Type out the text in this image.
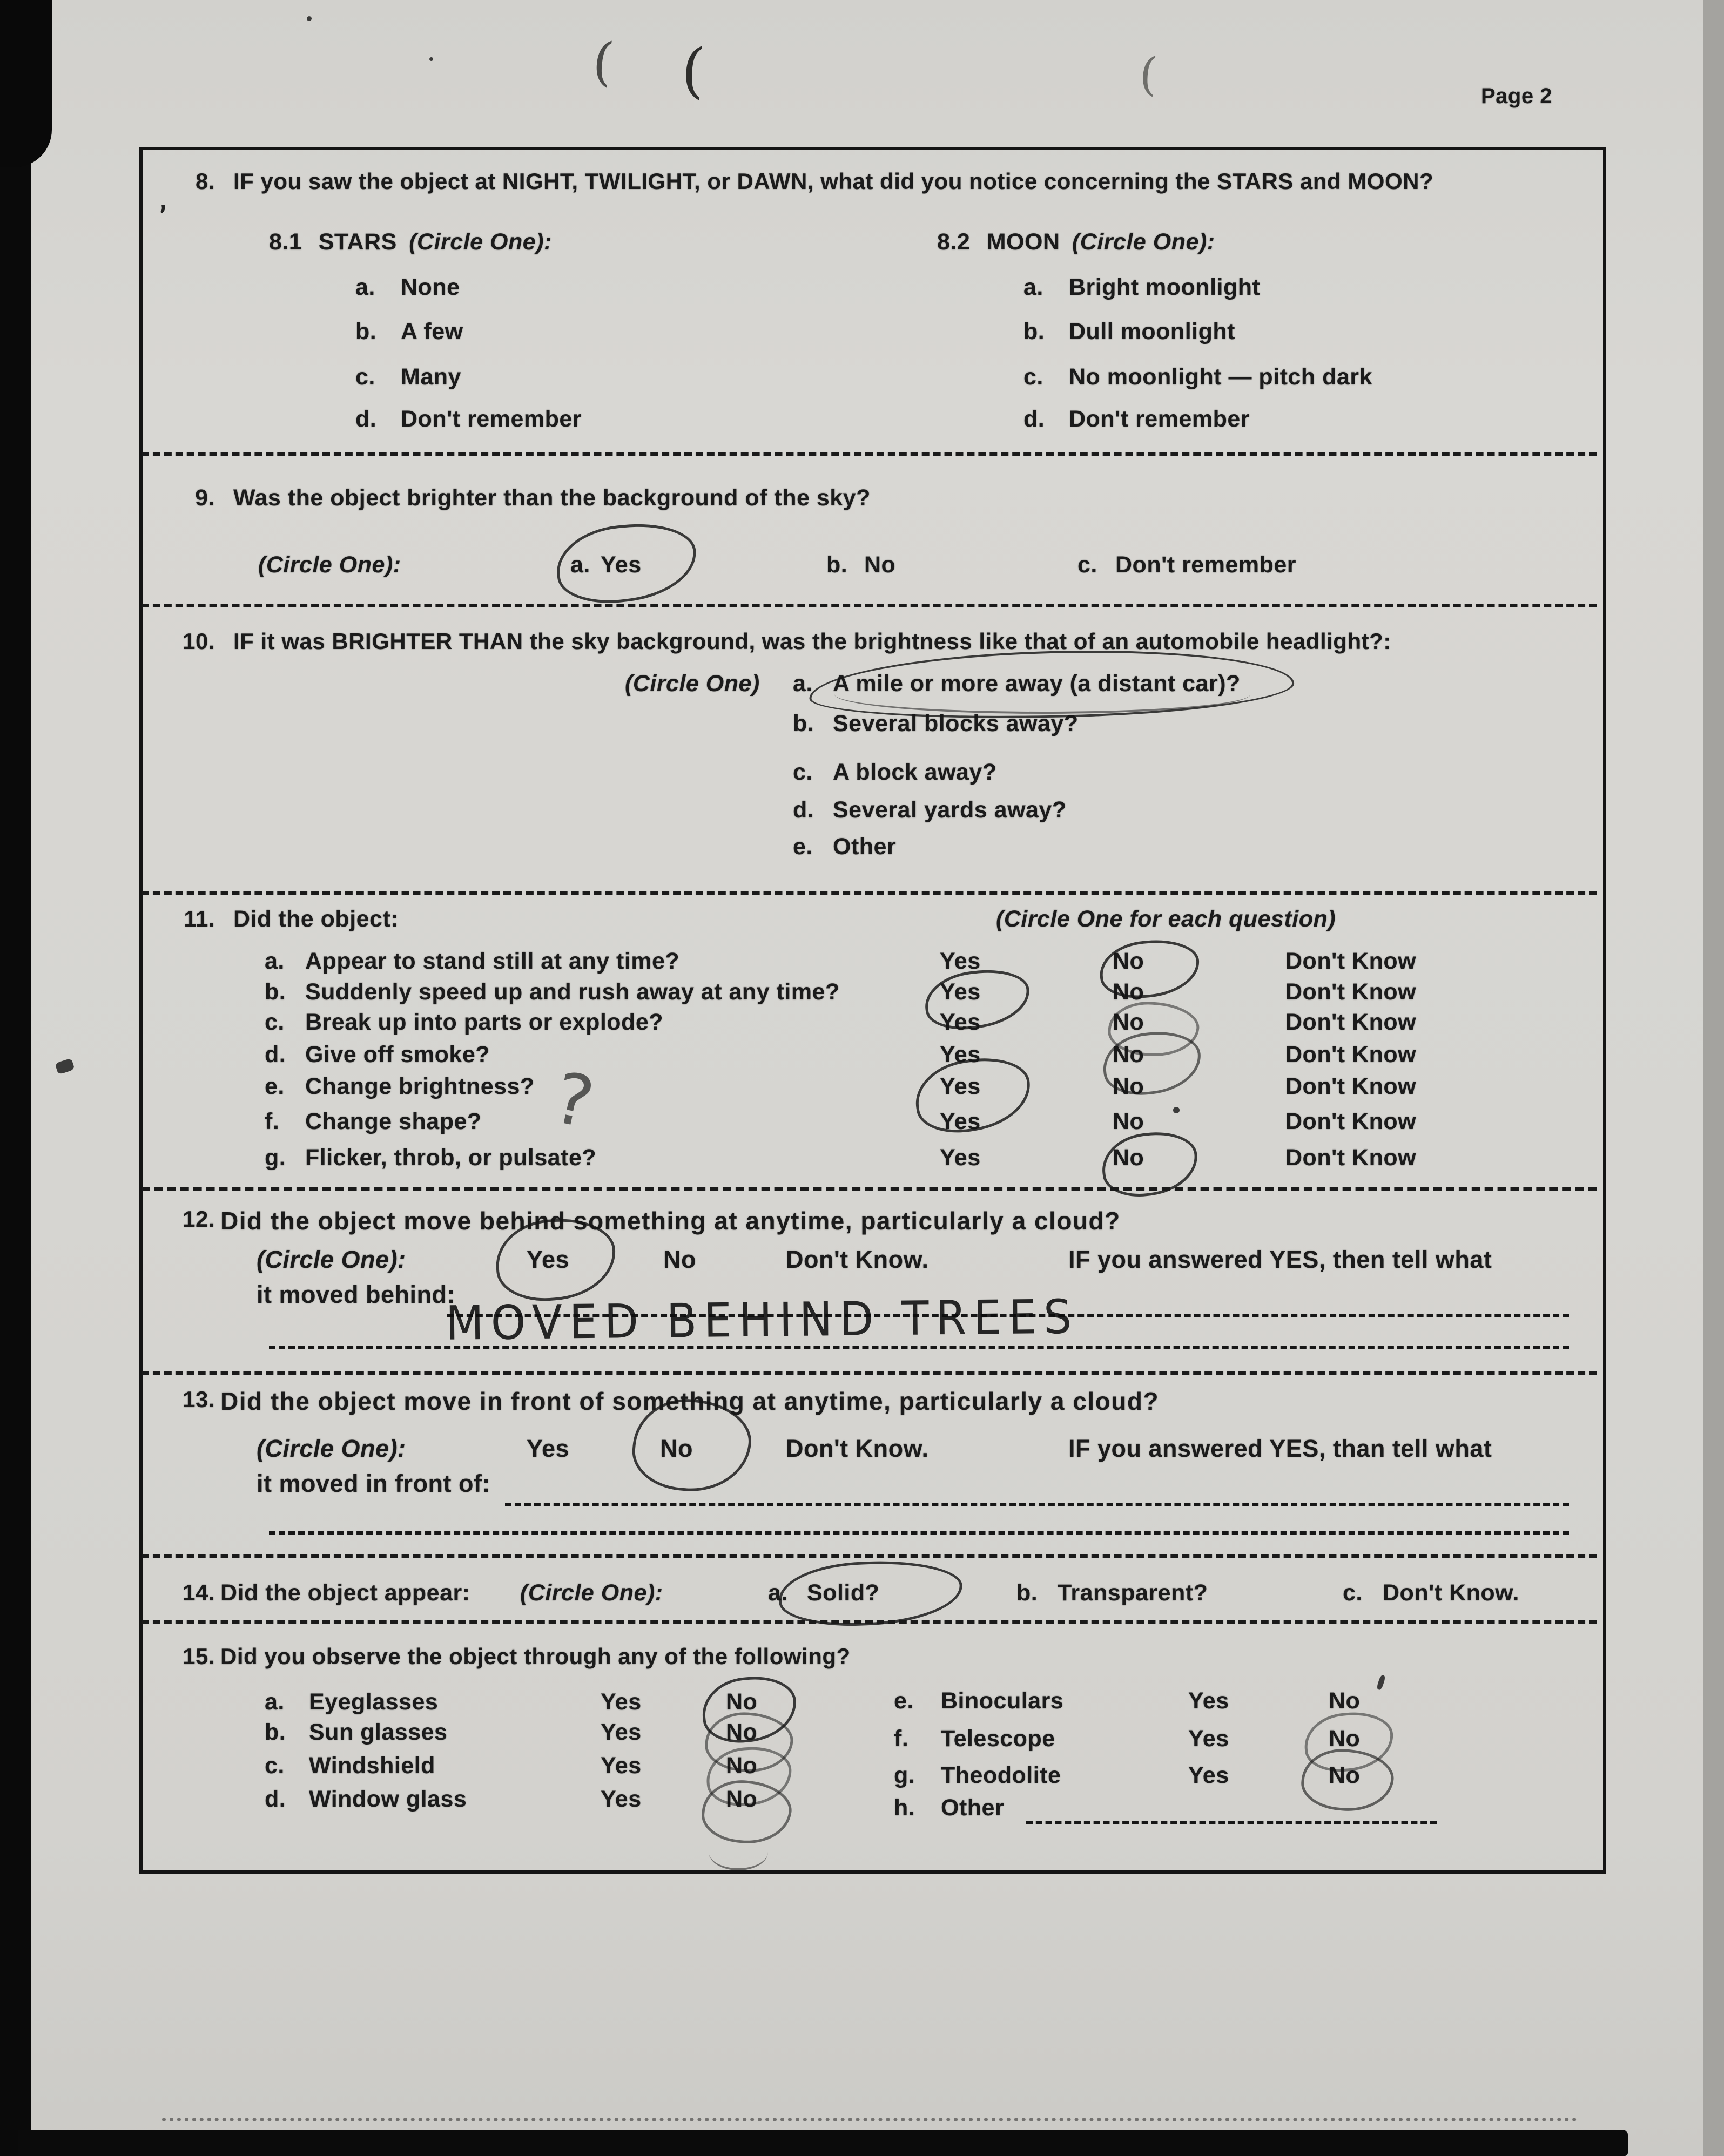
( (	(
,
Page 2
8. IF you saw the object at NIGHT, TWILIGHT, or DAWN, what did you notice concerning the STARS and MOON?
8.1 STARS (Circle One):	8.2 MOON (Circle One):
a. None
b. A few
c. Many
d. Don't remember
a. Bright moonlight
b. Dull moonlight
c. No moonlight — pitch dark
d. Don't remember
9. Was the object brighter than the background of the sky?
(Circle One):	a. Yes	b. No	c. Don't remember
10. IF it was BRIGHTER THAN the sky background, was the brightness like that of an automobile headlight?:
(Circle One) a. A mile or more away (a distant car)?
b. Several blocks away?
c. A block away?
d. Several yards away?
e. Other
11. Did the object:	(Circle One for each question)
a. Appear to stand still at any time?	Yes	No	Don't Know
b. Suddenly speed up and rush away at any time?	Yes	No	Don't Know
c. Break up into parts or explode?	Yes	No	Don't Know
d. Give off smoke?	Yes	No	Don't Know
e. Change brightness?	Yes	No	Don't Know
f. Change shape?	Yes	No	Don't Know
g. Flicker, throb, or pulsate?	Yes	No	Don't Know
?
12. Did the object move behind something at anytime, particularly a cloud?
(Circle One):	Yes	No	Don't Know.	IF you answered YES, then tell what
it moved behind:
MOVED BEHIND TREES
13. Did the object move in front of something at anytime, particularly a cloud?
(Circle One):	Yes	No	Don't Know.	IF you answered YES, than tell what
it moved in front of:
14. Did the object appear: (Circle One):	a. Solid?	b. Transparent?	c. Don't Know.
15. Did you observe the object through any of the following?
a. Eyeglasses	Yes	No
b. Sun glasses	Yes	No
c. Windshield	Yes	No
d. Window glass	Yes	No
e. Binoculars	Yes	No
f. Telescope	Yes	No
g. Theodolite	Yes	No
h. Other
